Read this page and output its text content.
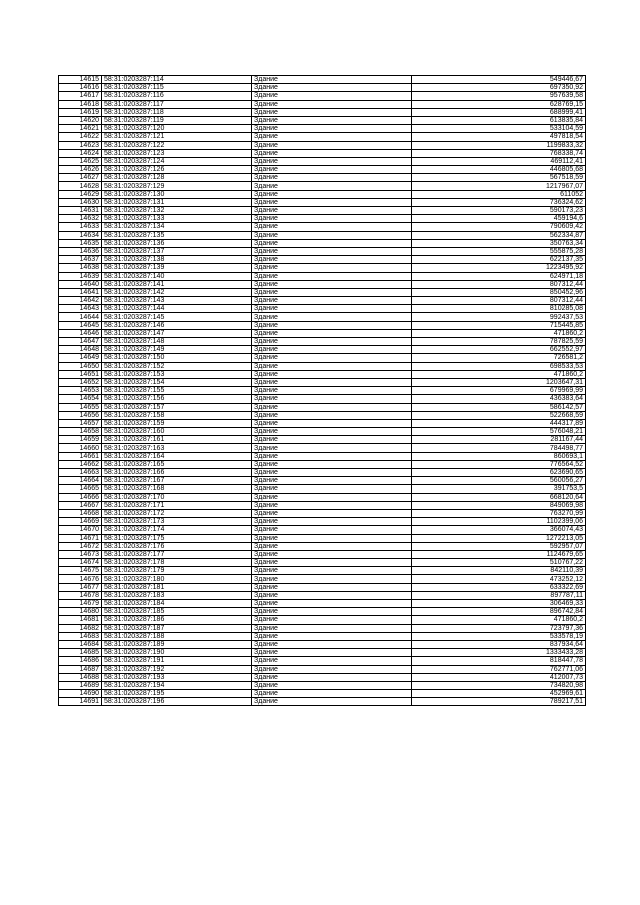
14615	58:31:0203287:114	Здание	549446,67
14616	58:31:0203287:115	Здание	697350,92
14617	58:31:0203287:116	Здание	957639,58
14618	58:31:0203287:117	Здание	628769,15
14619	58:31:0203287:118	Здание	688999,41
14620	58:31:0203287:119	Здание	613835,84
14621	58:31:0203287:120	Здание	533104,59
14622	58:31:0203287:121	Здание	497818,54
14623	58:31:0203287:122	Здание	1199833,32
14624	58:31:0203287:123	Здание	768338,74
14625	58:31:0203287:124	Здание	469112,41
14626	58:31:0203287:126	Здание	446805,68
14627	58:31:0203287:128	Здание	567518,59
14628	58:31:0203287:129	Здание	1217967,07
14629	58:31:0203287:130	Здание	611052
14630	58:31:0203287:131	Здание	736324,62
14631	58:31:0203287:132	Здание	590173,23
14632	58:31:0203287:133	Здание	459194,6
14633	58:31:0203287:134	Здание	790609,42
14634	58:31:0203287:135	Здание	562334,87
14635	58:31:0203287:136	Здание	350763,34
14636	58:31:0203287:137	Здание	555875,28
14637	58:31:0203287:138	Здание	622137,35
14638	58:31:0203287:139	Здание	1223495,92
14639	58:31:0203287:140	Здание	624971,18
14640	58:31:0203287:141	Здание	807312,44
14641	58:31:0203287:142	Здание	850452,96
14642	58:31:0203287:143	Здание	807312,44
14643	58:31:0203287:144	Здание	810285,08
14644	58:31:0203287:145	Здание	992437,53
14645	58:31:0203287:146	Здание	715445,85
14646	58:31:0203287:147	Здание	471860,2
14647	58:31:0203287:148	Здание	787825,59
14648	58:31:0203287:149	Здание	662552,97
14649	58:31:0203287:150	Здание	726581,2
14650	58:31:0203287:152	Здание	698533,53
14651	58:31:0203287:153	Здание	471860,2
14652	58:31:0203287:154	Здание	1203647,31
14653	58:31:0203287:155	Здание	679969,99
14654	58:31:0203287:156	Здание	436383,64
14655	58:31:0203287:157	Здание	586142,57
14656	58:31:0203287:158	Здание	522668,59
14657	58:31:0203287:159	Здание	444317,89
14658	58:31:0203287:160	Здание	576048,21
14659	58:31:0203287:161	Здание	281167,44
14660	58:31:0203287:163	Здание	784498,77
14661	58:31:0203287:164	Здание	860693,1
14662	58:31:0203287:165	Здание	776564,52
14663	58:31:0203287:166	Здание	623690,65
14664	58:31:0203287:167	Здание	560056,27
14665	58:31:0203287:168	Здание	391753,5
14666	58:31:0203287:170	Здание	668120,64
14667	58:31:0203287:171	Здание	849069,98
14668	58:31:0203287:172	Здание	763270,99
14669	58:31:0203287:173	Здание	1102399,06
14670	58:31:0203287:174	Здание	366074,43
14671	58:31:0203287:175	Здание	1272213,05
14672	58:31:0203287:176	Здание	592957,07
14673	58:31:0203287:177	Здание	1124679,65
14674	58:31:0203287:178	Здание	510767,22
14675	58:31:0203287:179	Здание	842110,39
14676	58:31:0203287:180	Здание	473252,12
14677	58:31:0203287:181	Здание	633322,69
14678	58:31:0203287:183	Здание	897787,11
14679	58:31:0203287:184	Здание	306469,33
14680	58:31:0203287:185	Здание	896742,84
14681	58:31:0203287:186	Здание	471860,2
14682	58:31:0203287:187	Здание	723797,36
14683	58:31:0203287:188	Здание	533578,19
14684	58:31:0203287:189	Здание	837934,64
14685	58:31:0203287:190	Здание	1333433,28
14686	58:31:0203287:191	Здание	818447,78
14687	58:31:0203287:192	Здание	762771,06
14688	58:31:0203287:193	Здание	412007,73
14689	58:31:0203287:194	Здание	734820,98
14690	58:31:0203287:195	Здание	452969,61
14691	58:31:0203287:196	Здание	789217,51
